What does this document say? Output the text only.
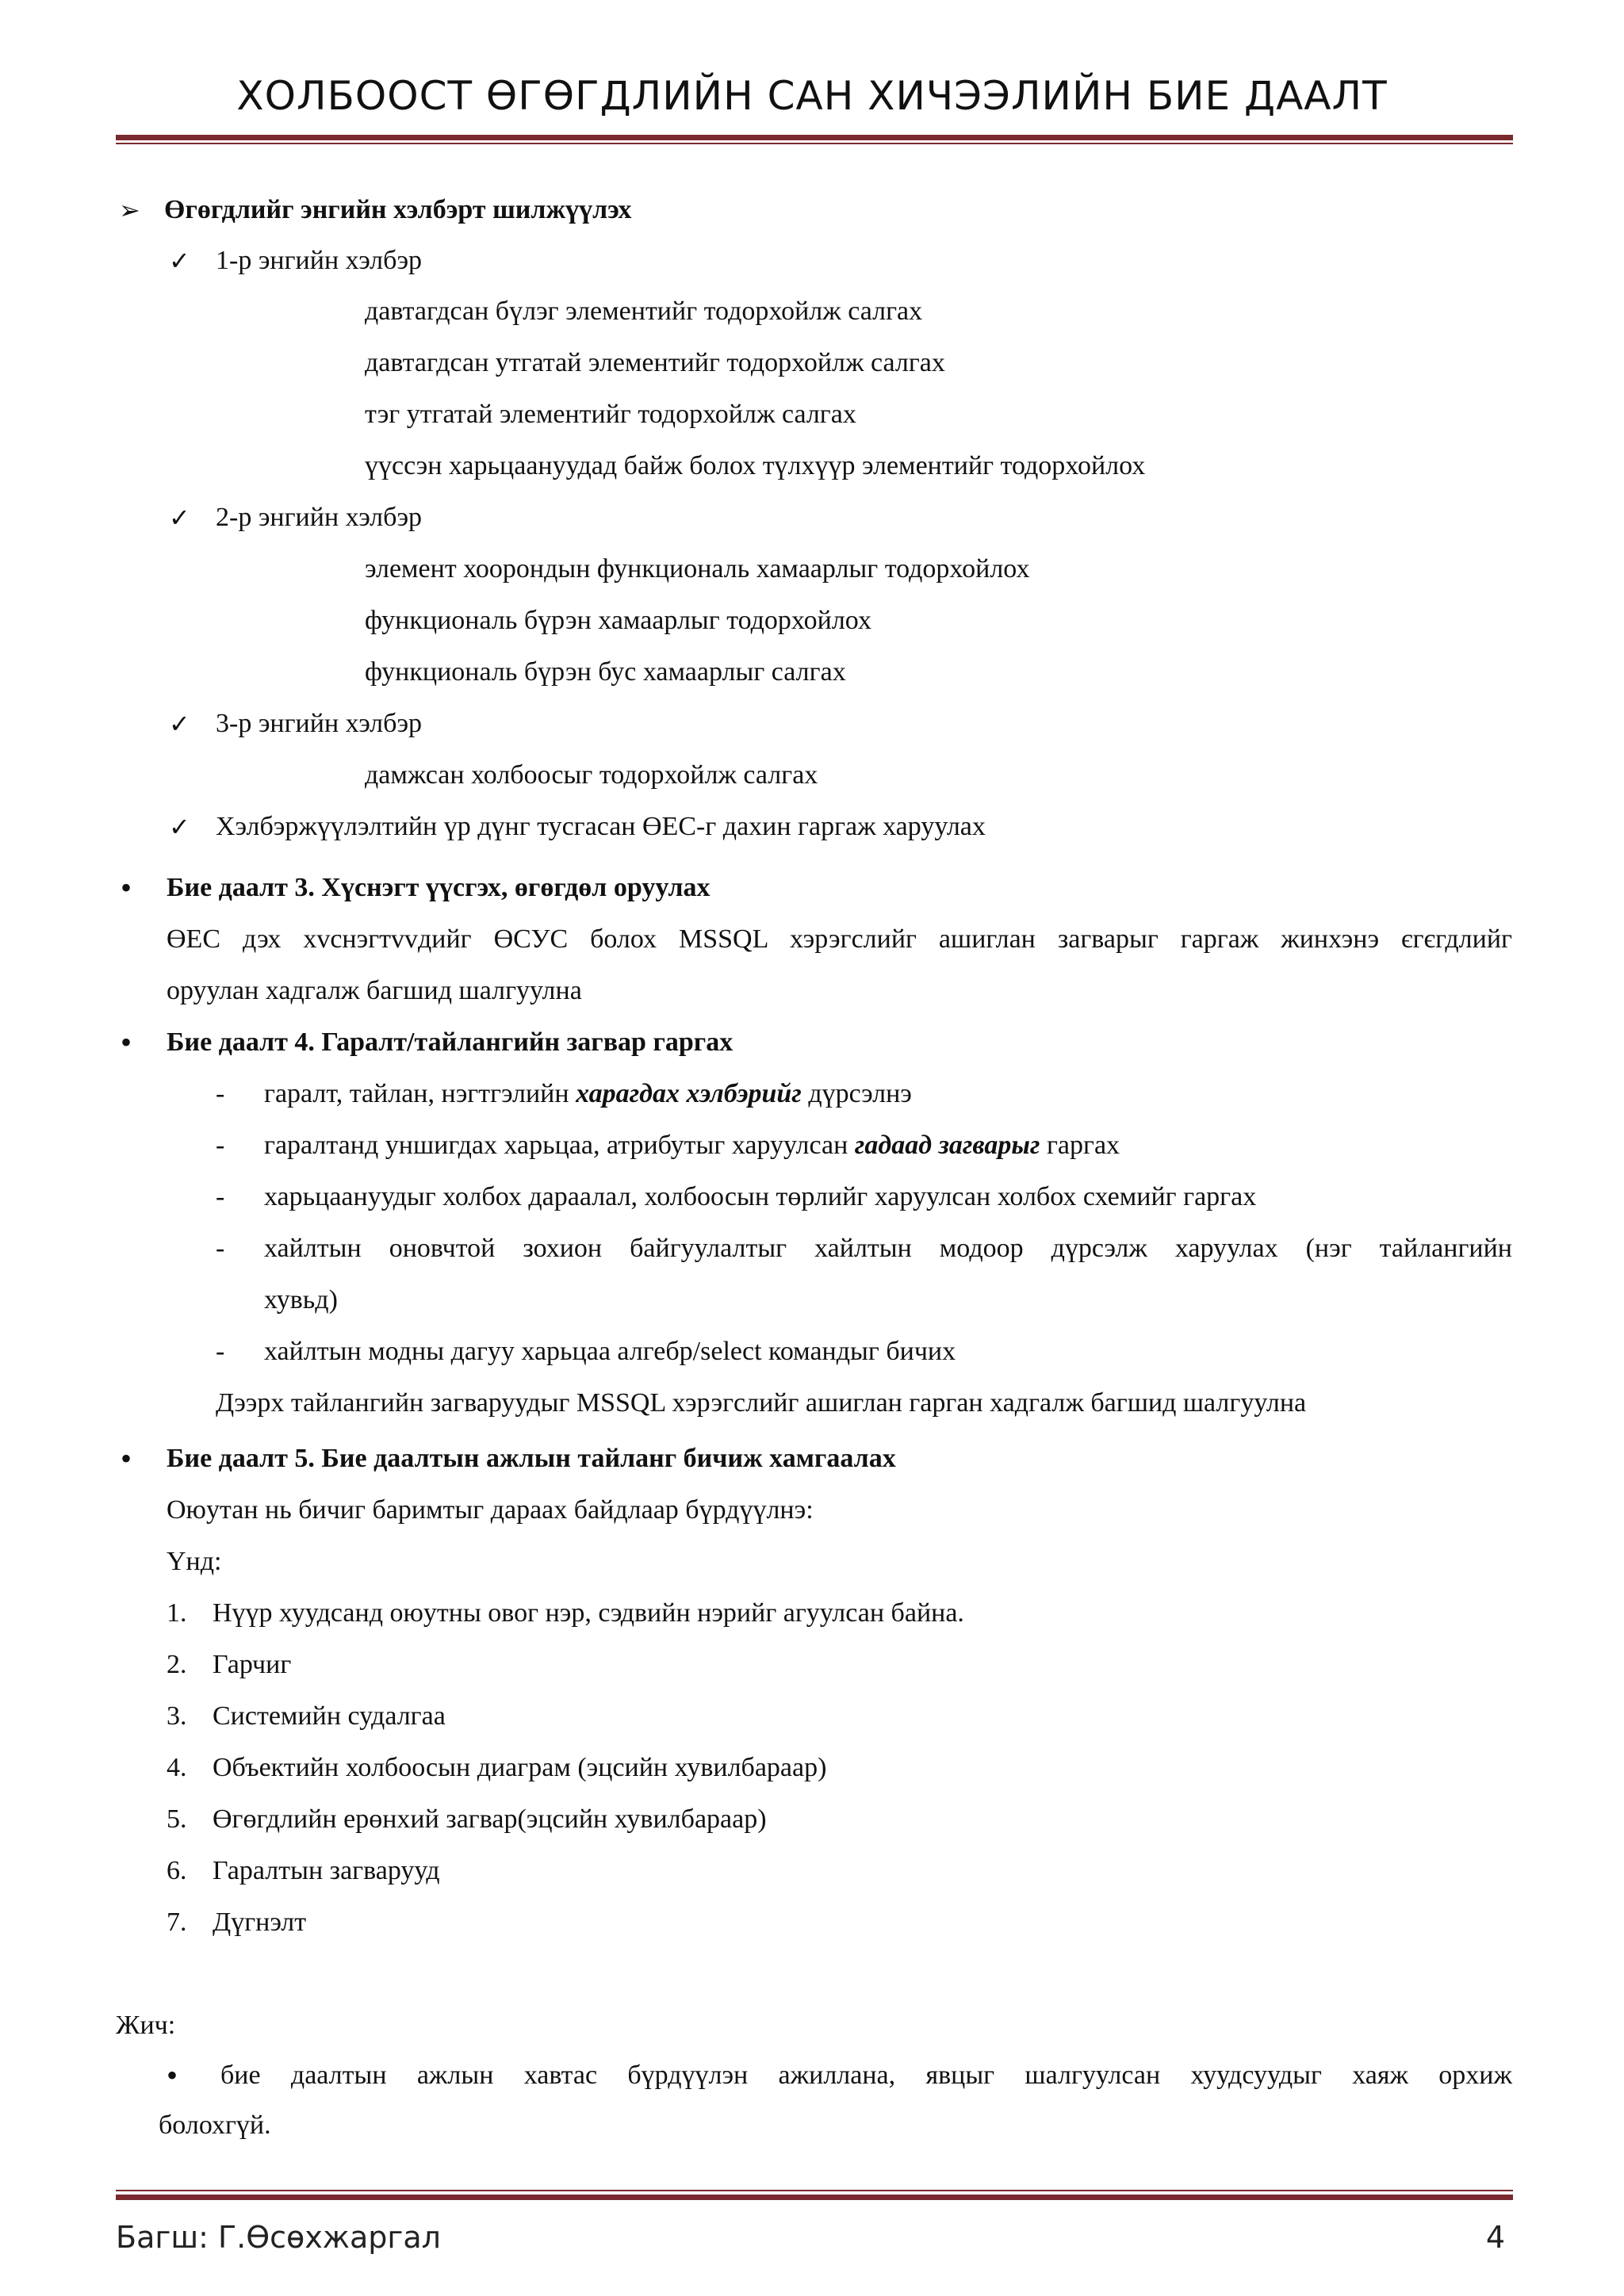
ХОЛБООСТ ӨГӨГДЛИЙН САН ХИЧЭЭЛИЙН БИЕ ДААЛТ
➢ Өгөгдлийг энгийн хэлбэрт шилжүүлэх
✓ 1-р энгийн хэлбэр
давтагдсан бүлэг элементийг тодорхойлж салгах
давтагдсан утгатай элементийг тодорхойлж салгах
тэг утгатай элементийг тодорхойлж салгах
үүссэн харьцаануудад байж болох түлхүүр элементийг тодорхойлох
✓ 2-р энгийн хэлбэр
элемент хоорондын функциональ хамаарлыг тодорхойлох
функциональ бүрэн хамаарлыг тодорхойлох
функциональ бүрэн бус хамаарлыг салгах
✓ 3-р энгийн хэлбэр
дамжсан холбоосыг тодорхойлж салгах
✓ Хэлбэржүүлэлтийн үр дүнг тусгасан ӨЕС-г дахин гаргаж харуулах
• Бие даалт 3. Хүснэгт үүсгэх, өгөгдөл оруулах
ӨЕС дэх хvснэгтvvдийг ӨСУС болох MSSQL хэрэгслийг ашиглан загварыг гаргаж жинхэнэ єгєгдлийг
оруулан хадгалж багшид шалгуулна
• Бие даалт 4. Гаралт/тайлангийн загвар гаргах
- гаралт, тайлан, нэгтгэлийн харагдах хэлбэрийг дүрсэлнэ
- гаралтанд уншигдах харьцаа, атрибутыг харуулсан гадаад загварыг гаргах
- харьцаануудыг холбох дараалал, холбоосын төрлийг харуулсан холбох схемийг гаргах
- хайлтын оновчтой зохион байгуулалтыг хайлтын модоор дүрсэлж харуулах (нэг тайлангийн
хувьд)
- хайлтын модны дагуу харьцаа алгебр/select командыг бичих
Дээрх тайлангийн загваруудыг MSSQL хэрэгслийг ашиглан гарган хадгалж багшид шалгуулна
• Бие даалт 5. Бие даалтын ажлын тайланг бичиж хамгаалах
Оюутан нь бичиг баримтыг дараах байдлаар бүрдүүлнэ:
Үнд:
1. Нүүр хуудсанд оюутны овог нэр, сэдвийн нэрийг агуулсан байна.
2. Гарчиг
3. Системийн судалгаа
4. Объектийн холбоосын диаграм (эцсийн хувилбараар)
5. Өгөгдлийн ерөнхий загвар(эцсийн хувилбараар)
6. Гаралтын загварууд
7. Дүгнэлт
Жич:
• бие даалтын ажлын хавтас бүрдүүлэн ажиллана, явцыг шалгуулсан хуудсуудыг хаяж орхиж
болохгүй.
Багш: Г.Өсөхжаргал	4
